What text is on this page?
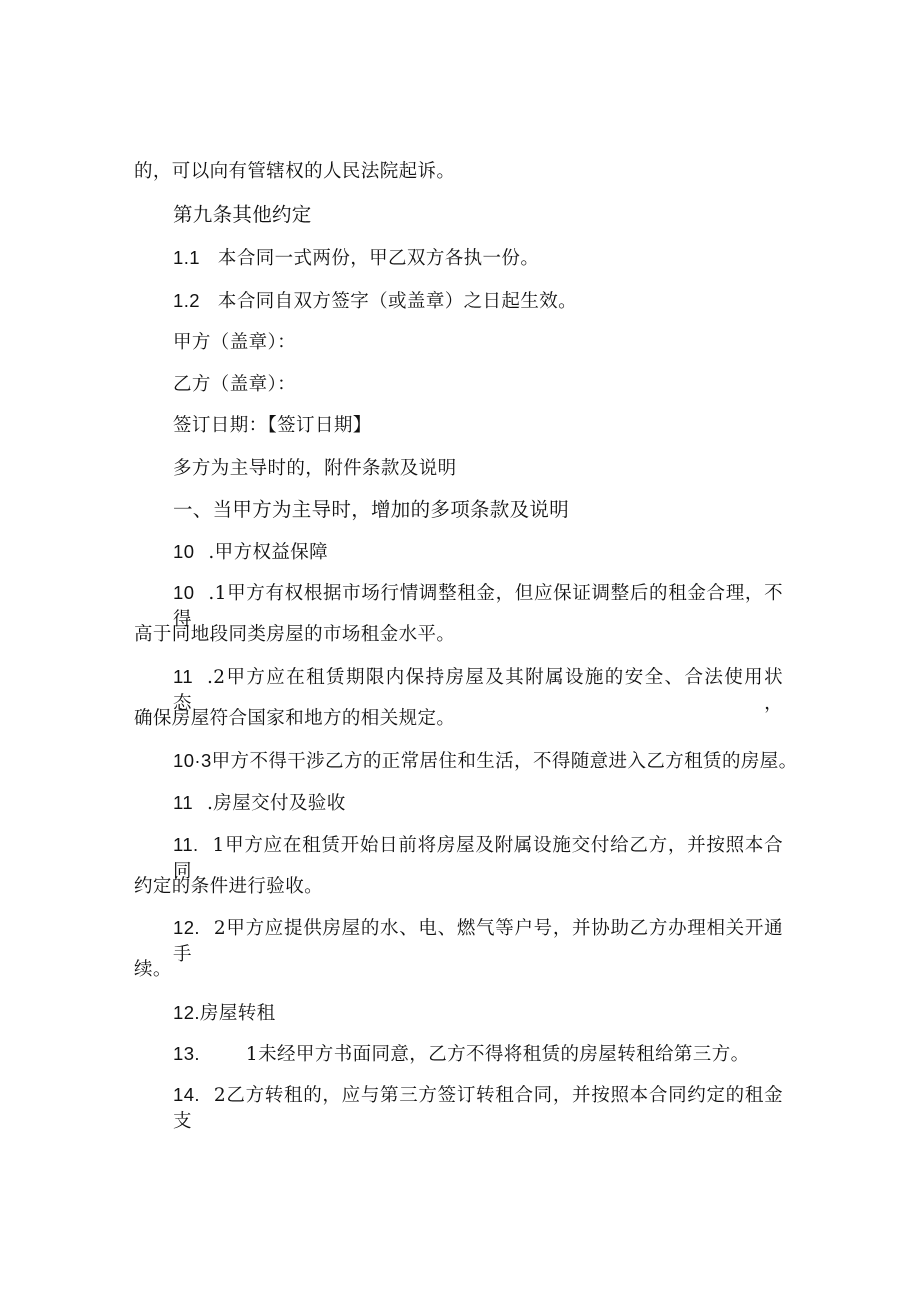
的，可以向有管辖权的人民法院起诉。
第九条其他约定
1.1 本合同一式两份，甲乙双方各执一份。
1.2 本合同自双方签字（或盖章）之日起生效。
甲方（盖章）：
乙方（盖章）：
签订日期：【签订日期】
多方为主导时的，附件条款及说明
一、当甲方为主导时，增加的多项条款及说明
10 .甲方权益保障
10 .1甲方有权根据市场行情调整租金，但应保证调整后的租金合理，不得
高于同地段同类房屋的市场租金水平。
11 .2甲方应在租赁期限内保持房屋及其附属设施的安全、合法使用状态，
确保房屋符合国家和地方的相关规定。
10·3甲方不得干涉乙方的正常居住和生活，不得随意进入乙方租赁的房屋。
11 .房屋交付及验收
11. 1甲方应在租赁开始日前将房屋及附属设施交付给乙方，并按照本合同
约定的条件进行验收。
12. 2甲方应提供房屋的水、电、燃气等户号，并协助乙方办理相关开通手
续。
12.房屋转租
13. 1未经甲方书面同意，乙方不得将租赁的房屋转租给第三方。
14. 2乙方转租的，应与第三方签订转租合同，并按照本合同约定的租金支
